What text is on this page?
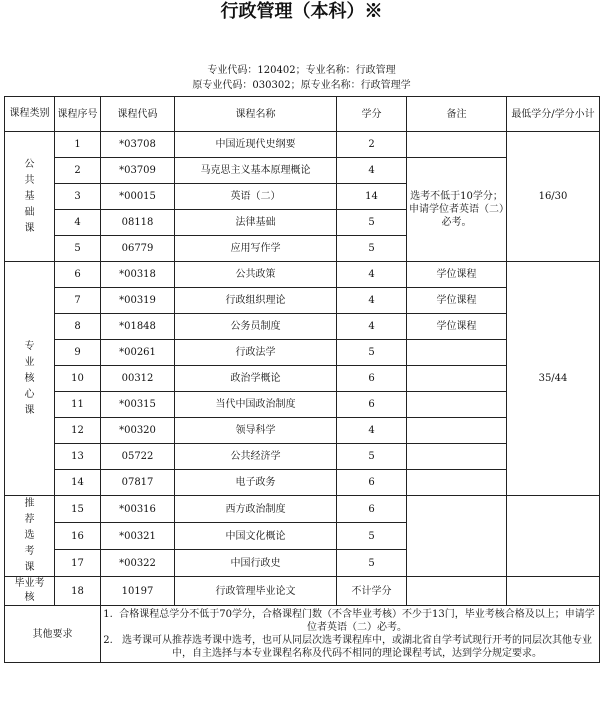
行政管理（本科）※
专业代码：120402；专业名称：行政管理
原专业代码：030302；原专业名称：行政管理学
课程类别	课程序号	课程代码	课程名称	学分	备注	最低学分/学分小计

公共基础课	1	*03708	中国近现代史纲要	2		16/30
	2	*03709	马克思主义基本原理概论	4	选考不低于10学分；申请学位者英语（二）必考。	
	3	*00015	英语（二）	14		
	4	08118	法律基础	5		
	5	06779	应用写作学	5		

专业核心课	6	*00318	公共政策	4	学位课程	35/44
	7	*00319	行政组织理论	4	学位课程	
	8	*01848	公务员制度	4	学位课程	
	9	*00261	行政法学	5		
	10	00312	政治学概论	6		
	11	*00315	当代中国政治制度	6		
	12	*00320	领导科学	4		
	13	05722	公共经济学	5		
	14	07817	电子政务	6		

推荐选考课	15	*00316	西方政治制度	6		
	16	*00321	中国文化概论	5		
	17	*00322	中国行政史	5		

毕业考核	18	10197	行政管理毕业论文	不计学分		
其他要求		1. 合格课程总学分不低于70学分，合格课程门数（不含毕业考核）不少于13门，毕业考核合格及以上；申请学位者英语（二）必考。
2. 选考课可从推荐选考课中选考，也可从同层次选考课程库中，或湖北省自学考试现行开考的同层次其他专业中，自主选择与本专业课程名称及代码不相同的理论课程考试，达到学分规定要求。				
